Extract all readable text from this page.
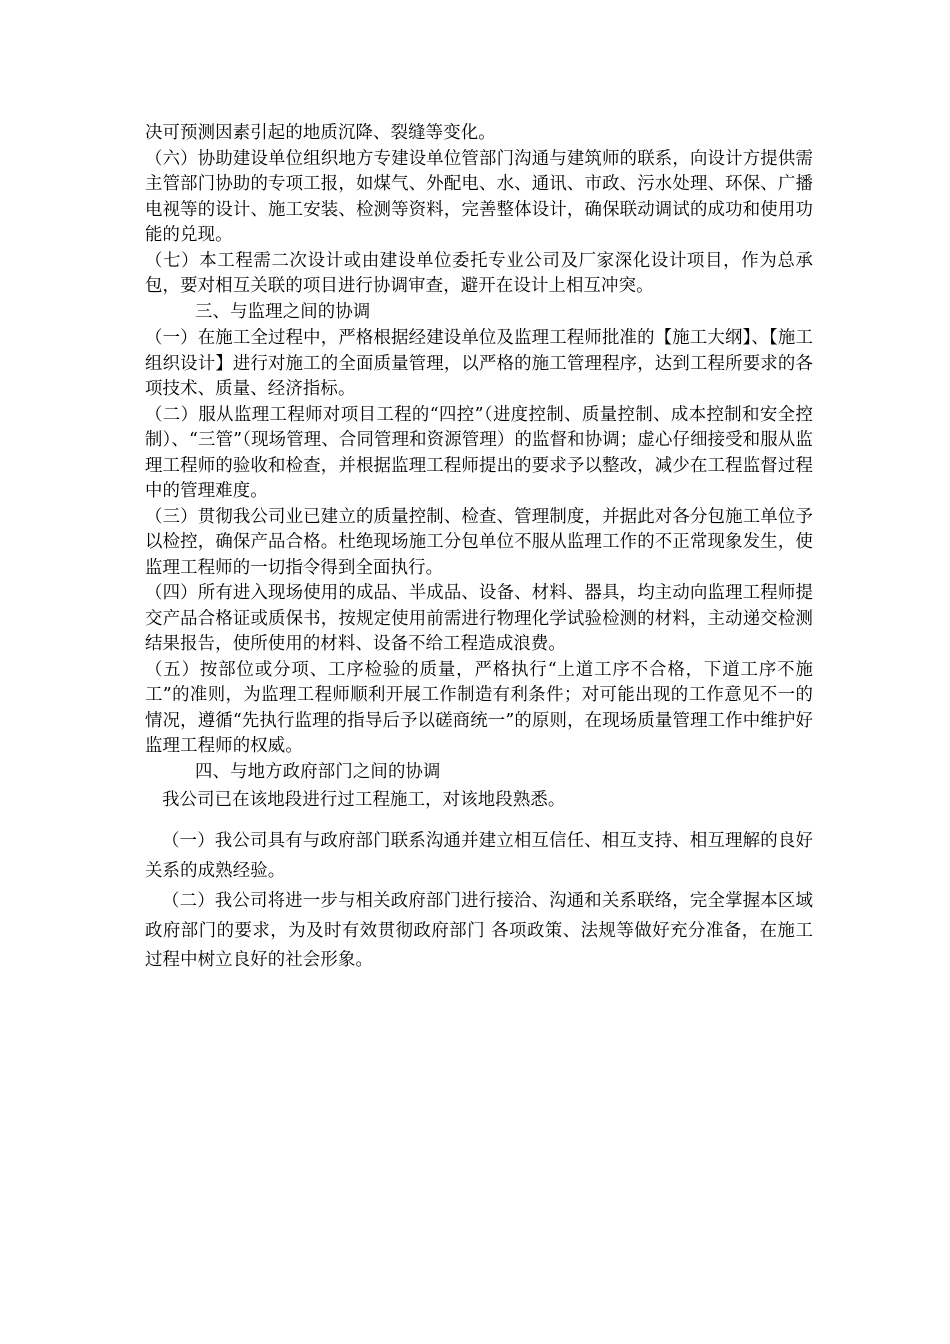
决可预测因素引起的地质沉降、裂缝等变化。

（六）协助建设单位组织地方专建设单位管部门沟通与建筑师的联系，向设计方提供需主管部门协助的专项工报，如煤气、外配电、水、通讯、市政、污水处理、环保、广播电视等的设计、施工安装、检测等资料，完善整体设计，确保联动调试的成功和使用功能的兑现。

（七）本工程需二次设计或由建设单位委托专业公司及厂家深化设计项目，作为总承包，要对相互关联的项目进行协调审查，避开在设计上相互冲突。

三、与监理之间的协调

（一）在施工全过程中，严格根据经建设单位及监理工程师批准的【施工大纲】、【施工组织设计】进行对施工的全面质量管理，以严格的施工管理程序，达到工程所要求的各项技术、质量、经济指标。

（二）服从监理工程师对项目工程的“四控”（进度控制、质量控制、成本控制和安全控制）、“三管”（现场管理、合同管理和资源管理）的监督和协调；虚心仔细接受和服从监理工程师的验收和检查，并根据监理工程师提出的要求予以整改，减少在工程监督过程中的管理难度。

（三）贯彻我公司业已建立的质量控制、检查、管理制度，并据此对各分包施工单位予以检控，确保产品合格。杜绝现场施工分包单位不服从监理工作的不正常现象发生，使监理工程师的一切指令得到全面执行。

（四）所有进入现场使用的成品、半成品、设备、材料、器具，均主动向监理工程师提交产品合格证或质保书，按规定使用前需进行物理化学试验检测的材料，主动递交检测结果报告，使所使用的材料、设备不给工程造成浪费。

（五）按部位或分项、工序检验的质量，严格执行“上道工序不合格，下道工序不施工”的准则，为监理工程师顺利开展工作制造有利条件；对可能出现的工作意见不一的情况，遵循“先执行监理的指导后予以磋商统一”的原则，在现场质量管理工作中维护好监理工程师的权威。

四、与地方政府部门之间的协调

我公司已在该地段进行过工程施工，对该地段熟悉。

（一）我公司具有与政府部门联系沟通并建立相互信任、相互支持、相互理解的良好关系的成熟经验。

（二）我公司将进一步与相关政府部门进行接洽、沟通和关系联络，完全掌握本区域政府部门的要求，为及时有效贯彻政府部门 各项政策、法规等做好充分准备，在施工过程中树立良好的社会形象。
